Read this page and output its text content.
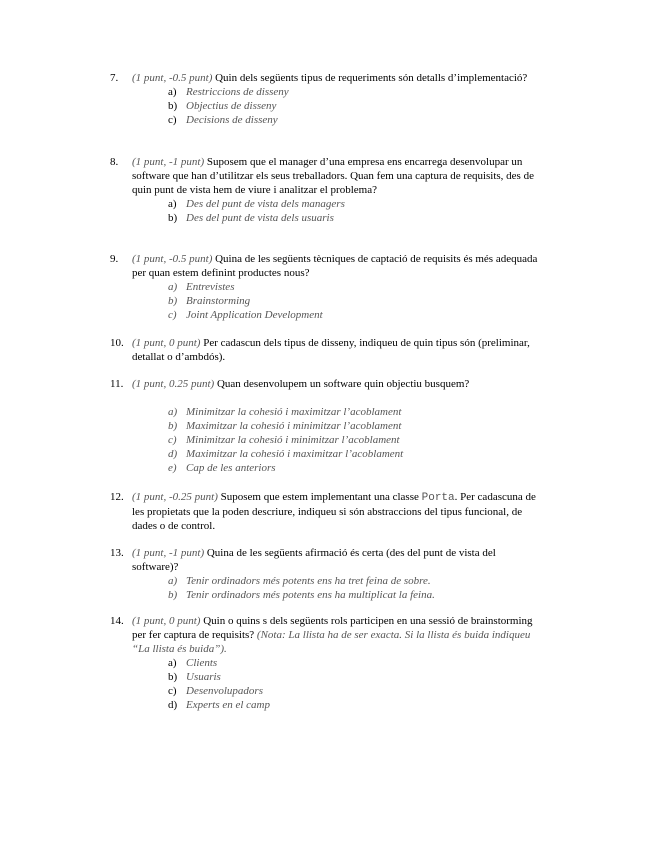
7.	(1 punt, -0.5 punt) Quin dels següents tipus de requeriments són detalls d’implementació?
a) Restriccions de disseny
b) Objectius de disseny
c) Decisions de disseny
8.	(1 punt, -1 punt) Suposem que el manager d’una empresa ens encarrega desenvolupar un software que han d’utilitzar els seus treballadors. Quan fem una captura de requisits, des de quin punt de vista hem de viure i analitzar el problema?
a) Des del punt de vista dels managers
b) Des del punt de vista dels usuaris
9.	(1 punt, -0.5 punt) Quina de les següents tècniques de captació de requisits és més adequada per quan estem definint productes nous?
a) Entrevistes
b) Brainstorming
c) Joint Application Development
10. (1 punt, 0 punt) Per cadascun dels tipus de disseny, indiqueu de quin tipus són (preliminar, detallat o d’ambdós).
11. (1 punt, 0.25 punt) Quan desenvolupem un software quin objectiu busquem?
a) Minimitzar la cohesió i maximitzar l’acoblament
b) Maximitzar la cohesió i minimitzar l’acoblament
c) Minimitzar la cohesió i minimitzar l’acoblament
d) Maximitzar la cohesió i maximitzar l’acoblament
e) Cap de les anteriors
12. (1 punt, -0.25 punt) Suposem que estem implementant una classe Porta. Per cadascuna de les propietats que la poden descriure, indiqueu si són abstraccions del tipus funcional, de dades o de control.
13. (1 punt, -1 punt) Quina de les següents afirmació és certa (des del punt de vista del software)?
a) Tenir ordinadors més potents ens ha tret feina de sobre.
b) Tenir ordinadors més potents ens ha multiplicat la feina.
14. (1 punt, 0 punt) Quin o quins s dels següents rols participen en una sessió de brainstorming per fer captura de requisits? (Nota: La llista ha de ser exacta. Si la llista és buida indiqueu “La llista és buida”).
a) Clients
b) Usuaris
c) Desenvolupadors
d) Experts en el camp
